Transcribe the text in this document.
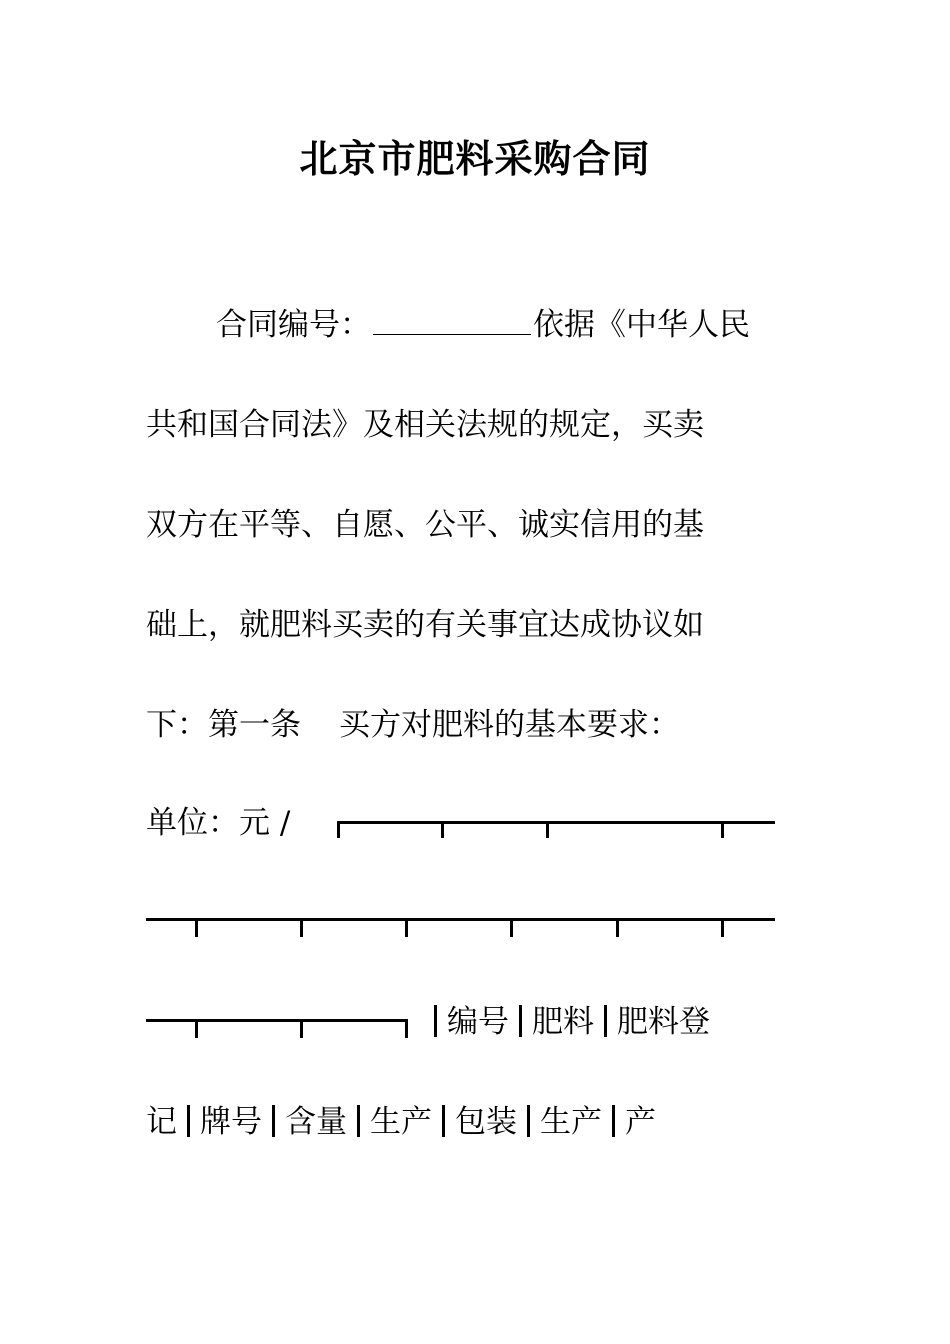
北京市肥料采购合同
合同编号：	依据《中华人民
共和国合同法》及相关法规的规定，买卖
双方在平等、自愿、公平、诚实信用的基
础上，就肥料买卖的有关事宜达成协议如
下：第一条 买方对肥料的基本要求：
单位：元 /
编号 肥料 肥料登
记 牌号 含量 生产 包装 生产 产
